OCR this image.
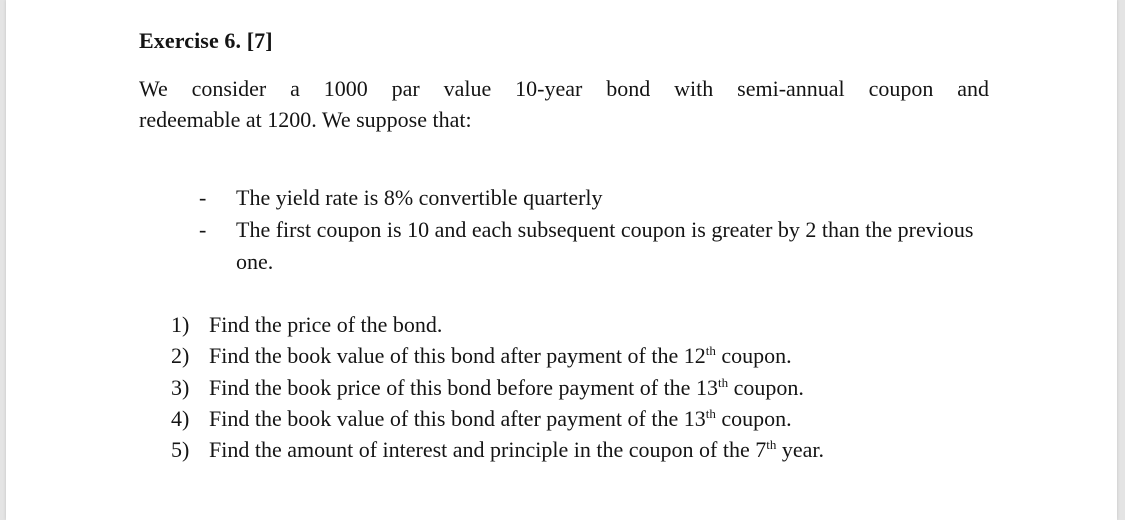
Exercise 6. [7]
We consider a 1000 par value 10-year bond with semi-annual coupon and
redeemable at 1200. We suppose that:
- The yield rate is 8% convertible quarterly
- The first coupon is 10 and each subsequent coupon is greater by 2 than the previous one.
1) Find the price of the bond.
2) Find the book value of this bond after payment of the 12th coupon.
3) Find the book price of this bond before payment of the 13th coupon.
4) Find the book value of this bond after payment of the 13th coupon.
5) Find the amount of interest and principle in the coupon of the 7th year.
